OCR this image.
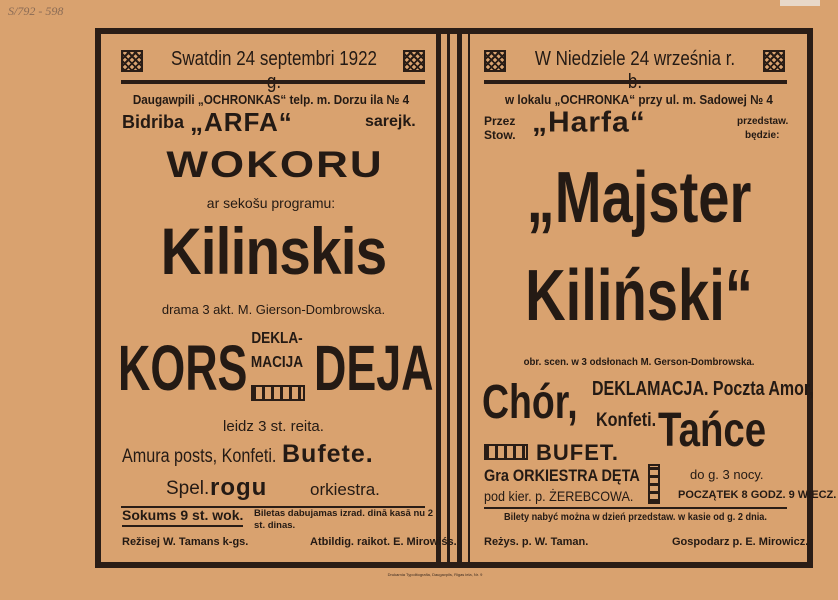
S/792 - 598
Swatdin 24 septembri 1922 g.
Daugawpili „OCHRONKAS“ telp. m. Dorzu ila № 4
Bidriba „ARFA“	sarejk.
WOKORU
ar sekošu programu:
Kilinskis
drama 3 akt. M. Gierson-Dombrowska.
KORS DEKLA-
MACIJA DEJA
leidz 3 st. reita.
Amura posts, Konfeti. Bufete.
Spel. rogu	orkiestra.
Sokums 9 st. wok. Biletas dabujamas izrad. dinā kasā nu 2 st. dinas.
Režisej W. Tamans k-gs.	Atbildig. raikot. E. Mirowiśs.
W Niedziele 24 września r. b.
w lokalu „OCHRONKA“ przy ul. m. Sadowej № 4
Przez
Stow. „Harfa“	przedstaw.
będzie:
„Majster
Kiliński“
obr. scen. w 3 odsłonach M. Gerson-Dombrowska.
Chór, DEKLAMACJA. Poczta Amor,
Konfeti. Tańce
BUFET.
Gra ORKIESTRA DĘTA
pod kier. p. ŻEREBCOWA.
do g. 3 nocy.
POCZĄTEK 8 GODZ. 9 WIECZ.
Bilety nabyć można w dzień przedstaw. w kasie od g. 2 dnia.
Reżys. p. W. Taman.	Gospodarz p. E. Mirowicz.
Drukarnia Typolitografia, Daugavpils, Rigas iela, Nr. 9
